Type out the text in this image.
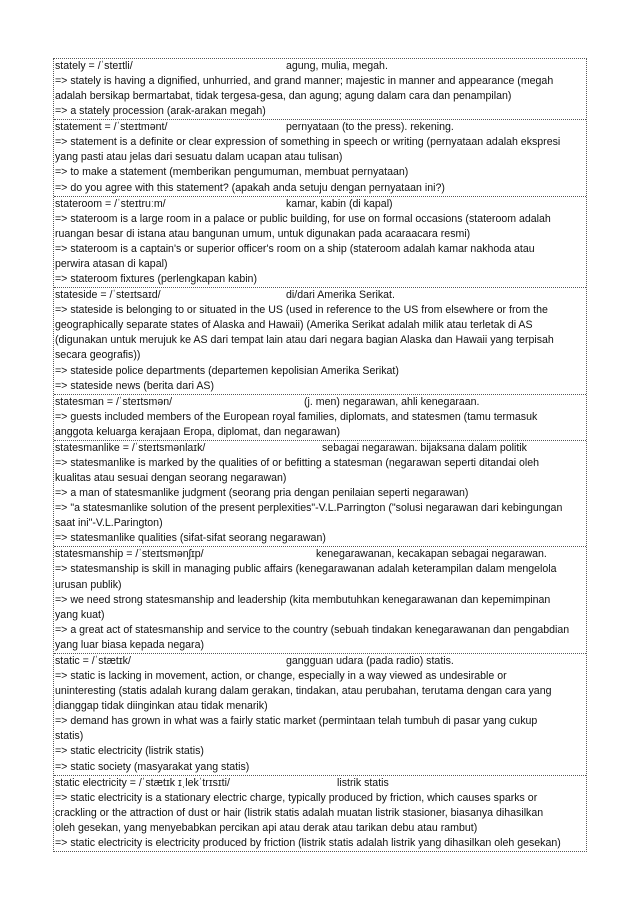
stately = /ˈsteɪtli/	agung, mulia, megah.
=> stately is having a dignified, unhurried, and grand manner; majestic in manner and appearance (megah
adalah bersikap bermartabat, tidak tergesa-gesa, dan agung; agung dalam cara dan penampilan)
=> a stately procession (arak-arakan megah)
statement = /ˈsteɪtmənt/	pernyataan (to the press). rekening.
=> statement is a definite or clear expression of something in speech or writing (pernyataan adalah ekspresi
yang pasti atau jelas dari sesuatu dalam ucapan atau tulisan)
=> to make a statement (memberikan pengumuman, membuat pernyataan)
=> do you agree with this statement? (apakah anda setuju dengan pernyataan ini?)
stateroom = /ˈsteɪtruːm/	kamar, kabin (di kapal)
=> stateroom is a large room in a palace or public building, for use on formal occasions (stateroom adalah
ruangan besar di istana atau bangunan umum, untuk digunakan pada acaraacara resmi)
=> stateroom is a captain's or superior officer's room on a ship (stateroom adalah kamar nakhoda atau
perwira atasan di kapal)
=> stateroom fixtures (perlengkapan kabin)
stateside = /ˈsteɪtsaɪd/	di/dari Amerika Serikat.
=> stateside is belonging to or situated in the US (used in reference to the US from elsewhere or from the
geographically separate states of Alaska and Hawaii) (Amerika Serikat adalah milik atau terletak di AS
(digunakan untuk merujuk ke AS dari tempat lain atau dari negara bagian Alaska dan Hawaii yang terpisah
secara geografis))
=> stateside police departments (departemen kepolisian Amerika Serikat)
=> stateside news (berita dari AS)
statesman = /ˈsteɪtsmən/	(j. men) negarawan, ahli kenegaraan.
=> guests included members of the European royal families, diplomats, and statesmen (tamu termasuk
anggota keluarga kerajaan Eropa, diplomat, dan negarawan)
statesmanlike = /ˈsteɪtsmənlaɪk/	sebagai negarawan. bijaksana dalam politik
=> statesmanlike is marked by the qualities of or befitting a statesman (negarawan seperti ditandai oleh
kualitas atau sesuai dengan seorang negarawan)
=> a man of statesmanlike judgment (seorang pria dengan penilaian seperti negarawan)
=> "a statesmanlike solution of the present perplexities"-V.L.Parrington ("solusi negarawan dari kebingungan
saat ini"-V.L.Parington)
=> statesmanlike qualities (sifat-sifat seorang negarawan)
statesmanship = /ˈsteɪtsmənʃɪp/	kenegarawanan, kecakapan sebagai negarawan.
=> statesmanship is skill in managing public affairs (kenegarawanan adalah keterampilan dalam mengelola
urusan publik)
=> we need strong statesmanship and leadership (kita membutuhkan kenegarawanan dan kepemimpinan
yang kuat)
=> a great act of statesmanship and service to the country (sebuah tindakan kenegarawanan dan pengabdian
yang luar biasa kepada negara)
static = /ˈstætɪk/	gangguan udara (pada radio) statis.
=> static is lacking in movement, action, or change, especially in a way viewed as undesirable or
uninteresting (statis adalah kurang dalam gerakan, tindakan, atau perubahan, terutama dengan cara yang
dianggap tidak diinginkan atau tidak menarik)
=> demand has grown in what was a fairly static market (permintaan telah tumbuh di pasar yang cukup
statis)
=> static electricity (listrik statis)
=> static society (masyarakat yang statis)
static electricity = /ˈstætɪk ɪˌlekˈtrɪsɪti/	listrik statis
=> static electricity is a stationary electric charge, typically produced by friction, which causes sparks or
crackling or the attraction of dust or hair (listrik statis adalah muatan listrik stasioner, biasanya dihasilkan
oleh gesekan, yang menyebabkan percikan api atau derak atau tarikan debu atau rambut)
=> static electricity is electricity produced by friction (listrik statis adalah listrik yang dihasilkan oleh gesekan)
